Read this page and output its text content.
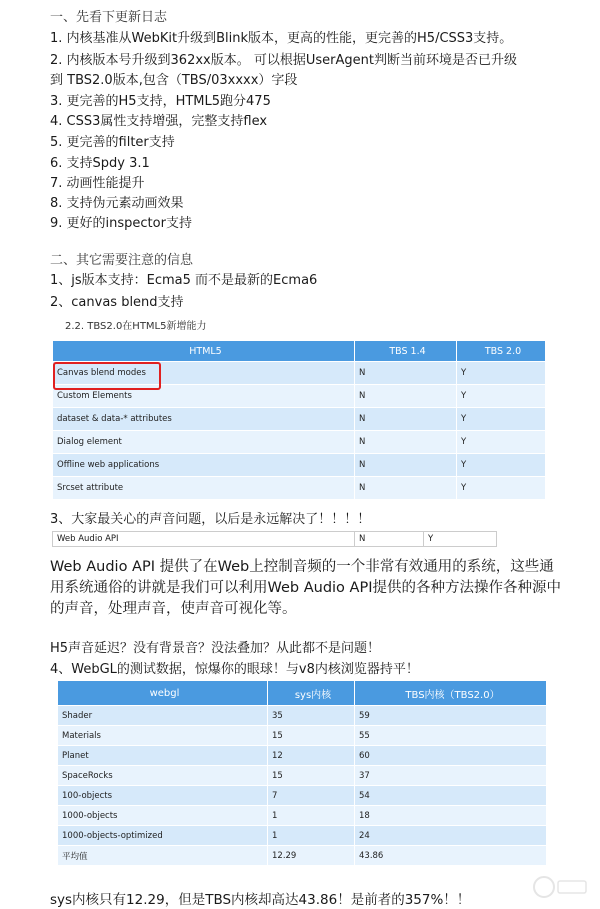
一、先看下更新日志
1. 内核基准从WebKit升级到Blink版本，更高的性能，更完善的H5/CSS3支持。
2. 内核版本号升级到362xx版本。 可以根据UserAgent判断当前环境是否已升级
到 TBS2.0版本,包含（TBS/03xxxx）字段
3. 更完善的H5支持，HTML5跑分475
4. CSS3属性支持增强，完整支持flex
5. 更完善的filter支持
6. 支持Spdy 3.1
7. 动画性能提升
8. 支持伪元素动画效果
9. 更好的inspector支持
二、其它需要注意的信息
1、js版本支持：Ecma5 而不是最新的Ecma6
2、canvas blend支持
2.2. TBS2.0在HTML5新增能力
HTML5	TBS 1.4	TBS 2.0
Canvas blend modes	N	Y
Custom Elements	N	Y
dataset & data-* attributes	N	Y
Dialog element	N	Y
Offline web applications	N	Y
Srcset attribute	N	Y
3、大家最关心的声音问题，以后是永远解决了！！！！
Web Audio API	N	Y
Web Audio API 提供了在Web上控制音频的一个非常有效通用的系统，这些通
用系统通俗的讲就是我们可以利用Web Audio API提供的各种方法操作各种源中
的声音，处理声音，使声音可视化等。
H5声音延迟？没有背景音？没法叠加？从此都不是问题！
4、WebGL的测试数据，惊爆你的眼球！与v8内核浏览器持平！
webgl	sys内核	TBS内核（TBS2.0）
Shader	35	59
Materials	15	55
Planet	12	60
SpaceRocks	15	37
100-objects	7	54
1000-objects	1	18
1000-objects-optimized	1	24
平均值	12.29	43.86
sys内核只有12.29，但是TBS内核却高达43.86！是前者的357%！！
